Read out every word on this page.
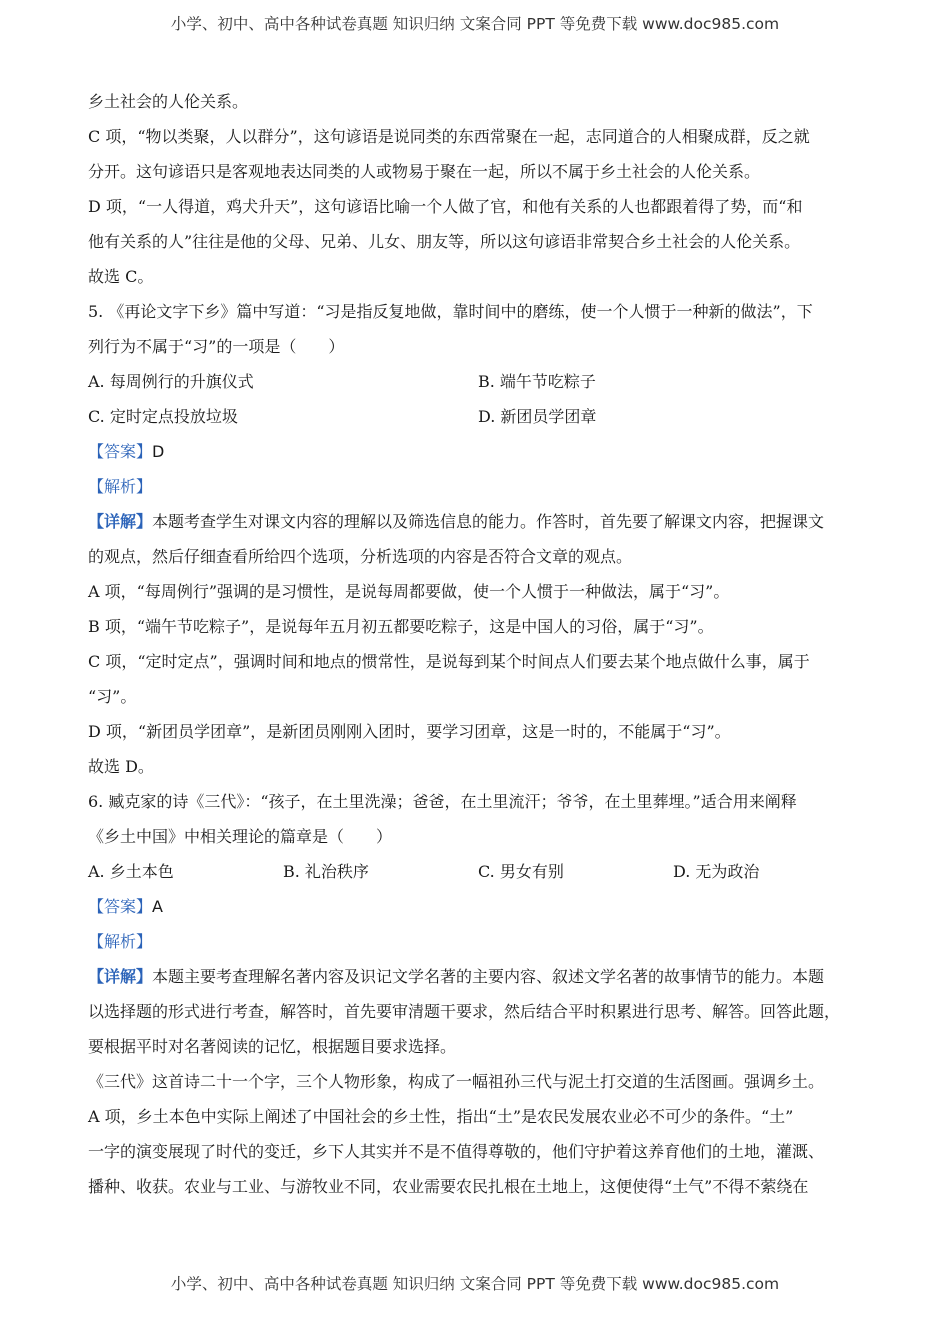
小学、初中、高中各种试卷真题 知识归纳 文案合同 PPT 等免费下载 www.doc985.com
乡土社会的人伦关系。
C 项，“物以类聚，人以群分”，这句谚语是说同类的东西常聚在一起，志同道合的人相聚成群，反之就
分开。这句谚语只是客观地表达同类的人或物易于聚在一起，所以不属于乡土社会的人伦关系。
D 项，“一人得道，鸡犬升天”，这句谚语比喻一个人做了官，和他有关系的人也都跟着得了势，而“和
他有关系的人”往往是他的父母、兄弟、儿女、朋友等，所以这句谚语非常契合乡土社会的人伦关系。
故选 C。
5. 《再论文字下乡》篇中写道：“习是指反复地做，靠时间中的磨练，使一个人惯于一种新的做法”，下
列行为不属于“习”的一项是（　　）
A. 每周例行的升旗仪式	B. 端午节吃粽子
C. 定时定点投放垃圾	D. 新团员学团章
【答案】D
【解析】
【详解】本题考查学生对课文内容的理解以及筛选信息的能力。作答时，首先要了解课文内容，把握课文
的观点，然后仔细查看所给四个选项，分析选项的内容是否符合文章的观点。
A 项，“每周例行”强调的是习惯性，是说每周都要做，使一个人惯于一种做法，属于“习”。
B 项，“端午节吃粽子”，是说每年五月初五都要吃粽子，这是中国人的习俗，属于“习”。
C 项，“定时定点”，强调时间和地点的惯常性，是说每到某个时间点人们要去某个地点做什么事，属于
“习”。
D 项，“新团员学团章”，是新团员刚刚入团时，要学习团章，这是一时的，不能属于“习”。
故选 D。
6. 臧克家的诗《三代》：“孩子，在土里洗澡；爸爸，在土里流汗；爷爷，在土里葬埋。”适合用来阐释
《乡土中国》中相关理论的篇章是（　　）
A. 乡土本色	B. 礼治秩序	C. 男女有别	D. 无为政治
【答案】A
【解析】
【详解】本题主要考查理解名著内容及识记文学名著的主要内容、叙述文学名著的故事情节的能力。本题
以选择题的形式进行考查，解答时，首先要审清题干要求，然后结合平时积累进行思考、解答。回答此题，
要根据平时对名著阅读的记忆，根据题目要求选择。
《三代》这首诗二十一个字，三个人物形象，构成了一幅祖孙三代与泥土打交道的生活图画。强调乡土。
A 项，乡土本色中实际上阐述了中国社会的乡土性，指出“土”是农民发展农业必不可少的条件。“土”
一字的演变展现了时代的变迁，乡下人其实并不是不值得尊敬的，他们守护着这养育他们的土地，灌溉、
播种、收获。农业与工业、与游牧业不同，农业需要农民扎根在土地上，这便使得“土气”不得不萦绕在
小学、初中、高中各种试卷真题 知识归纳 文案合同 PPT 等免费下载 www.doc985.com
